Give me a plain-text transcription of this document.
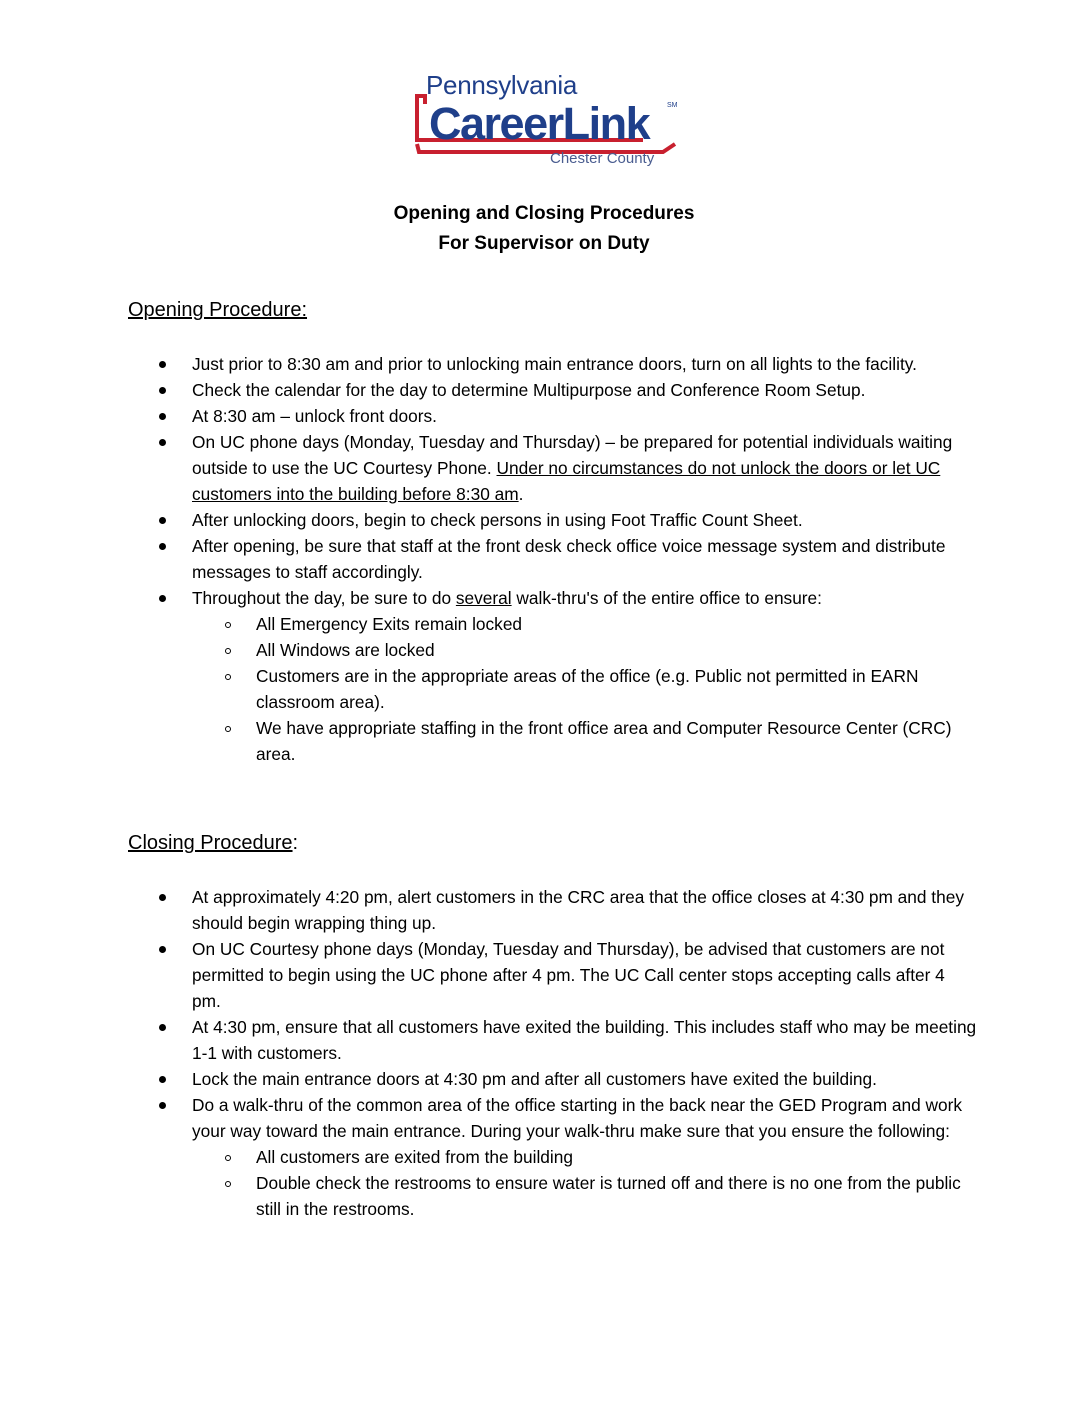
Pennsylvania
CareerLink	SM
Chester County
Opening and Closing Procedures
For Supervisor on Duty
Opening Procedure:
Just prior to 8:30 am and prior to unlocking main entrance doors, turn on all lights to the facility.
Check the calendar for the day to determine Multipurpose and Conference Room Setup.
At 8:30 am – unlock front doors.
On UC phone days (Monday, Tuesday and Thursday) – be prepared for potential individuals waiting outside to use the UC Courtesy Phone. Under no circumstances do not unlock the doors or let UC customers into the building before 8:30 am.
After unlocking doors, begin to check persons in using Foot Traffic Count Sheet.
After opening, be sure that staff at the front desk check office voice message system and distribute messages to staff accordingly.
Throughout the day, be sure to do several walk-thru's of the entire office to ensure:
All Emergency Exits remain locked
All Windows are locked
Customers are in the appropriate areas of the office (e.g. Public not permitted in EARN classroom area).
We have appropriate staffing in the front office area and Computer Resource Center (CRC) area.
Closing Procedure:
At approximately 4:20 pm, alert customers in the CRC area that the office closes at 4:30 pm and they should begin wrapping thing up.
On UC Courtesy phone days (Monday, Tuesday and Thursday), be advised that customers are not permitted to begin using the UC phone after 4 pm. The UC Call center stops accepting calls after 4 pm.
At 4:30 pm, ensure that all customers have exited the building. This includes staff who may be meeting 1-1 with customers.
Lock the main entrance doors at 4:30 pm and after all customers have exited the building.
Do a walk-thru of the common area of the office starting in the back near the GED Program and work your way toward the main entrance. During your walk-thru make sure that you ensure the following:
All customers are exited from the building
Double check the restrooms to ensure water is turned off and there is no one from the public still in the restrooms.
